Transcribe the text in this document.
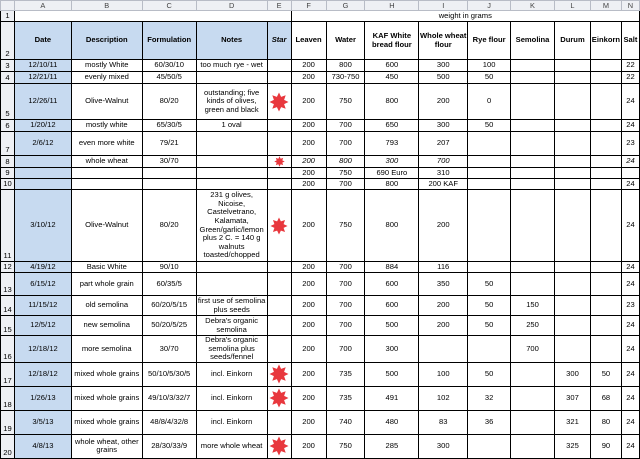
	A	B	C	D	E	F	G	H	I	J	K	L	M	N
1						weight in grams								
2	Date	Description	Formulation	Notes	Star	Leaven	Water	KAF White bread flour	Whole wheat flour	Rye flour	Semolina	Durum	Einkorn	Salt
3	12/10/11	mostly White	60/30/10	too much rye - wet		200	800	600	300	100				22
4	12/21/11	evenly mixed	45/50/5			200	730-750	450	500	50				22
5	12/26/11	Olive-Walnut	80/20	outstanding; five kinds of olives, green and black		200	750	800	200	0				24
6	1/20/12	mostly white	65/30/5	1 oval		200	700	650	300	50				24
7	2/6/12	even more white	79/21			200	700	793	207					23
8		whole wheat	30/70			200	800	300	700					24
9						200	750	690 Euro	310					
10						200	700	800	200 KAF					24
11	3/10/12	Olive-Walnut	80/20	231 g olives, Nicoise, Castelvetrano, Kalamata, Green/garlic/lemon plus 2 C. = 140 g walnuts toasted/chopped		200	750	800	200					24
12	4/19/12	Basic White	90/10			200	700	884	116					24
13	6/15/12	part whole grain	60/35/5			200	700	600	350	50				24
14	11/15/12	old semolina	60/20/5/15	first use of semolina plus seeds		200	700	600	200	50	150			23
15	12/5/12	new semolina	50/20/5/25	Debra's organic semolina		200	700	500	200	50	250			24
16	12/18/12	more semolina	30/70	Debra's organic semolina plus seeds/fennel		200	700	300			700			24
17	12/18/12	mixed whole grains	50/10/5/30/5	incl. Einkorn		200	735	500	100	50		300	50	24
18	1/26/13	mixed whole grains	49/10/3/32/7	incl. Einkorn		200	735	491	102	32		307	68	24
19	3/5/13	mixed whole grains	48/8/4/32/8	incl. Einkorn		200	740	480	83	36		321	80	24
20	4/8/13	whole wheat, other grains	28/30/33/9	more whole wheat		200	750	285	300			325	90	24
